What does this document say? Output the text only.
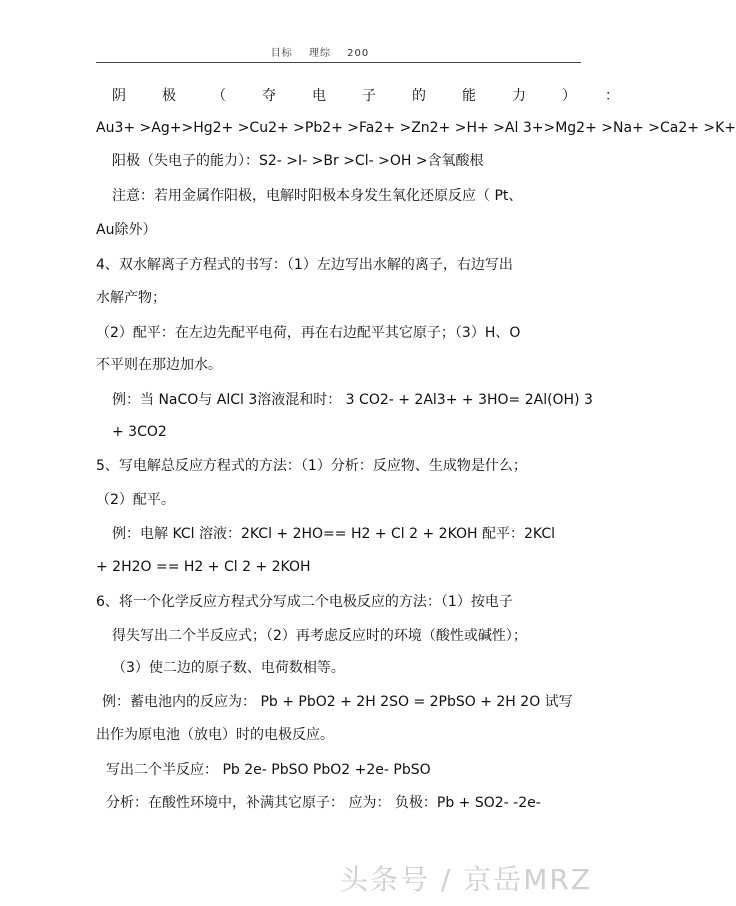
目标 理综 200
阴极（夺电子的能力）：
Au3+ >Ag+>Hg2+ >Cu2+ >Pb2+ >Fa2+ >Zn2+ >H+ >Al 3+>Mg2+ >Na+ >Ca2+ >K+
阳极（失电子的能力）：S2- >I- >Br >Cl- >OH >含氧酸根
注意：若用金属作阳极，电解时阳极本身发生氧化还原反应（ Pt、
Au除外）
4、双水解离子方程式的书写：（1）左边写出水解的离子，右边写出
水解产物；
（2）配平：在左边先配平电荷，再在右边配平其它原子；（3）H、O
不平则在那边加水。
例：当 NaCO与 AlCl 3溶液混和时： 3 CO2- + 2Al3+ + 3HO= 2Al(OH) 3
+ 3CO2
5、写电解总反应方程式的方法：（1）分析：反应物、生成物是什么；
（2）配平。
例：电解 KCl 溶液：2KCl + 2HO== H2 + Cl 2 + 2KOH 配平：2KCl
+ 2H2O == H2 + Cl 2 + 2KOH
6、将一个化学反应方程式分写成二个电极反应的方法：（1）按电子
得失写出二个半反应式；（2）再考虑反应时的环境（酸性或碱性）；
（3）使二边的原子数、电荷数相等。
例：蓄电池内的反应为： Pb + PbO2 + 2H 2SO = 2PbSO + 2H 2O 试写
出作为原电池（放电）时的电极反应。
写出二个半反应： Pb 2e- PbSO PbO2 +2e- PbSO
分析：在酸性环境中，补满其它原子： 应为： 负极：Pb + SO2- -2e-
头条号 / 京岳MRZ
